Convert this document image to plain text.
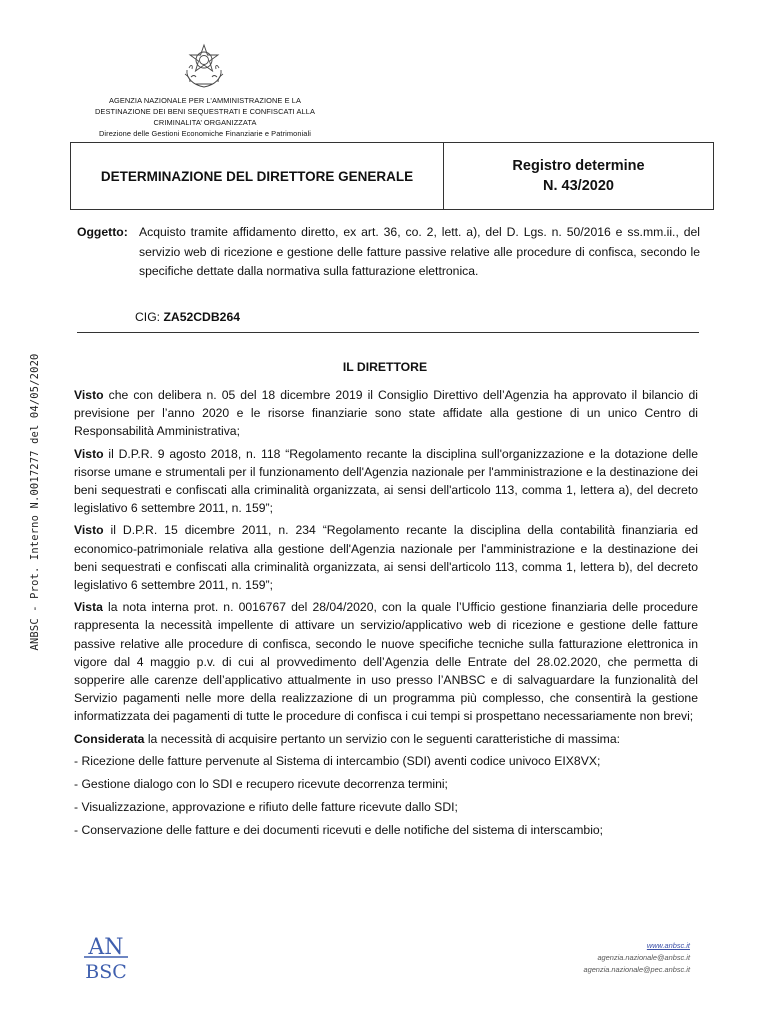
ANBSC - Prot. Interno N.0017277 del 04/05/2020
AGENZIA NAZIONALE PER L’AMMINISTRAZIONE E LA
DESTINAZIONE DEI BENI SEQUESTRATI E CONFISCATI ALLA
CRIMINALITA’ ORGANIZZATA
Direzione delle Gestioni Economiche Finanziarie e Patrimoniali
DETERMINAZIONE DEL DIRETTORE GENERALE
Registro determine
N. 43/2020
Oggetto: Acquisto tramite affidamento diretto, ex art. 36, co. 2, lett. a), del D. Lgs. n. 50/2016 e ss.mm.ii., del servizio web di ricezione e gestione delle fatture passive relative alle procedure di confisca, secondo le specifiche dettate dalla normativa sulla fatturazione elettronica.
CIG: ZA52CDB264
IL DIRETTORE

Visto che con delibera n. 05 del 18 dicembre 2019 il Consiglio Direttivo dell’Agenzia ha approvato il bilancio di previsione per l’anno 2020 e le risorse finanziarie sono state affidate alla gestione di un unico Centro di Responsabilità Amministrativa;

Visto il D.P.R. 9 agosto 2018, n. 118 “Regolamento recante la disciplina sull'organizzazione e la dotazione delle risorse umane e strumentali per il funzionamento dell'Agenzia nazionale per l'amministrazione e la destinazione dei beni sequestrati e confiscati alla criminalità organizzata, ai sensi dell'articolo 113, comma 1, lettera a), del decreto legislativo 6 settembre 2011, n. 159”;

Visto il D.P.R. 15 dicembre 2011, n. 234 “Regolamento recante la disciplina della contabilità finanziaria ed economico-patrimoniale relativa alla gestione dell'Agenzia nazionale per l'amministrazione e la destinazione dei beni sequestrati e confiscati alla criminalità organizzata, ai sensi dell'articolo 113, comma 1, lettera b), del decreto legislativo 6 settembre 2011, n. 159”;

Vista la nota interna prot. n. 0016767 del 28/04/2020, con la quale l’Ufficio gestione finanziaria delle procedure rappresenta la necessità impellente di attivare un servizio/applicativo web di ricezione e gestione delle fatture passive relative alle procedure di confisca, secondo le nuove specifiche tecniche sulla fatturazione elettronica in vigore dal 4 maggio p.v. di cui al provvedimento dell’Agenzia delle Entrate del 28.02.2020, che permetta di sopperire alle carenze dell’applicativo attualmente in uso presso l’ANBSC e di salvaguardare la funzionalità del Servizio pagamenti nelle more della realizzazione di un programma più complesso, che consentirà la gestione informatizzata dei pagamenti di tutte le procedure di confisca i cui tempi si prospettano necessariamente non brevi;

Considerata la necessità di acquisire pertanto un servizio con le seguenti caratteristiche di massima:

- Ricezione delle fatture pervenute al Sistema di intercambio (SDI) aventi codice univoco EIX8VX;

- Gestione dialogo con lo SDI e recupero ricevute decorrenza termini;

- Visualizzazione, approvazione e rifiuto delle fatture ricevute dallo SDI;

- Conservazione delle fatture e dei documenti ricevuti e delle notifiche del sistema di interscambio;

AN
BSC
www.anbsc.it
agenzia.nazionale@anbsc.it
agenzia.nazionale@pec.anbsc.it
